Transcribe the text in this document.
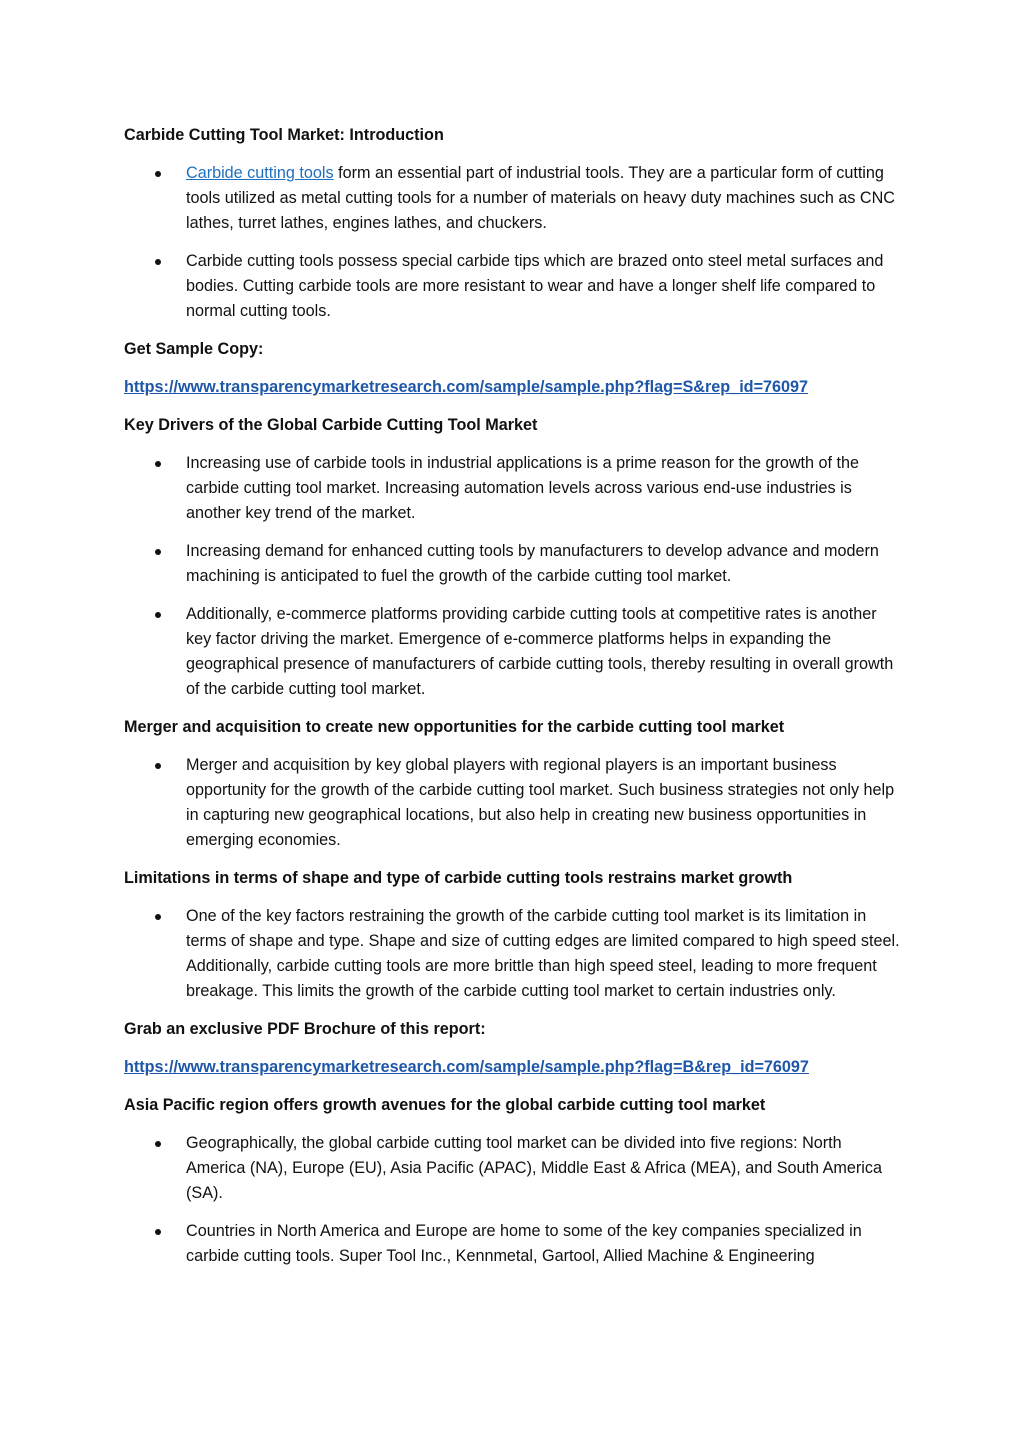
Carbide Cutting Tool Market: Introduction
Carbide cutting tools form an essential part of industrial tools. They are a particular form of cutting tools utilized as metal cutting tools for a number of materials on heavy duty machines such as CNC lathes, turret lathes, engines lathes, and chuckers.
Carbide cutting tools possess special carbide tips which are brazed onto steel metal surfaces and bodies. Cutting carbide tools are more resistant to wear and have a longer shelf life compared to normal cutting tools.
Get Sample Copy:
https://www.transparencymarketresearch.com/sample/sample.php?flag=S&rep_id=76097
Key Drivers of the Global Carbide Cutting Tool Market
Increasing use of carbide tools in industrial applications is a prime reason for the growth of the carbide cutting tool market. Increasing automation levels across various end-use industries is another key trend of the market.
Increasing demand for enhanced cutting tools by manufacturers to develop advance and modern machining is anticipated to fuel the growth of the carbide cutting tool market.
Additionally, e-commerce platforms providing carbide cutting tools at competitive rates is another key factor driving the market. Emergence of e-commerce platforms helps in expanding the geographical presence of manufacturers of carbide cutting tools, thereby resulting in overall growth of the carbide cutting tool market.
Merger and acquisition to create new opportunities for the carbide cutting tool market
Merger and acquisition by key global players with regional players is an important business opportunity for the growth of the carbide cutting tool market. Such business strategies not only help in capturing new geographical locations, but also help in creating new business opportunities in emerging economies.
Limitations in terms of shape and type of carbide cutting tools restrains market growth
One of the key factors restraining the growth of the carbide cutting tool market is its limitation in terms of shape and type. Shape and size of cutting edges are limited compared to high speed steel. Additionally, carbide cutting tools are more brittle than high speed steel, leading to more frequent breakage. This limits the growth of the carbide cutting tool market to certain industries only.
Grab an exclusive PDF Brochure of this report:
https://www.transparencymarketresearch.com/sample/sample.php?flag=B&rep_id=76097
Asia Pacific region offers growth avenues for the global carbide cutting tool market
Geographically, the global carbide cutting tool market can be divided into five regions: North America (NA), Europe (EU), Asia Pacific (APAC), Middle East & Africa (MEA), and South America (SA).
Countries in North America and Europe are home to some of the key companies specialized in carbide cutting tools. Super Tool Inc., Kennmetal, Gartool, Allied Machine & Engineering
